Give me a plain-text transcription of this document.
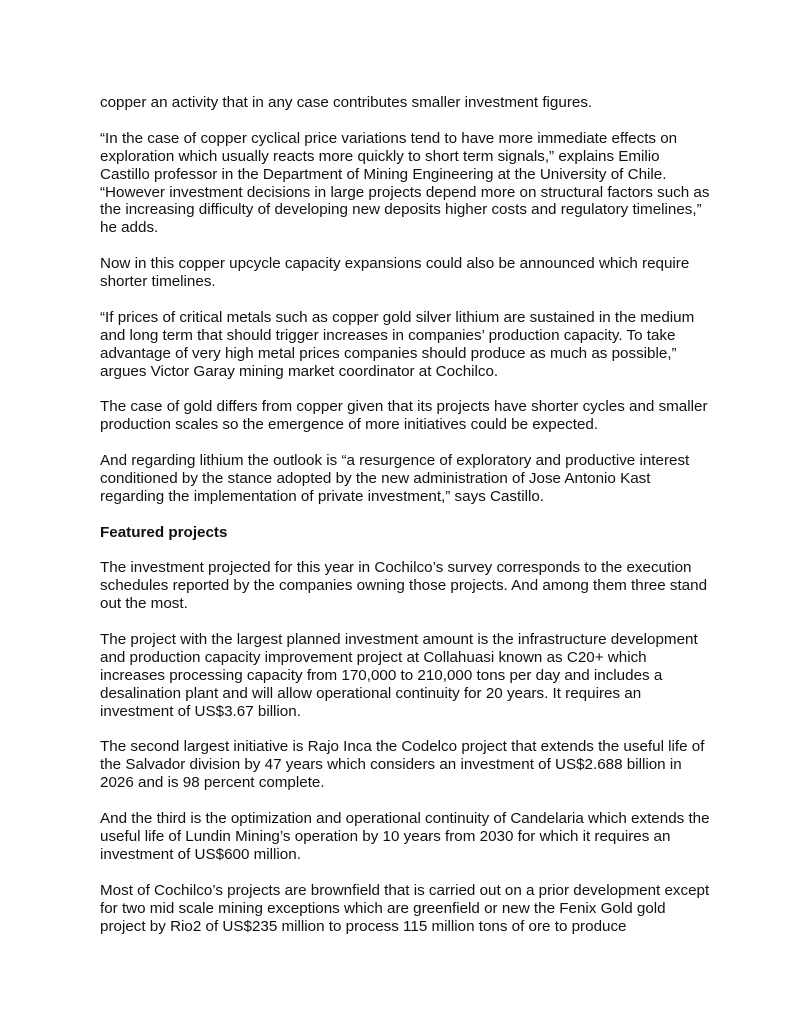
copper an activity that in any case contributes smaller investment figures.

“In the case of copper cyclical price variations tend to have more immediate effects on exploration which usually reacts more quickly to short term signals,” explains Emilio Castillo professor in the Department of Mining Engineering at the University of Chile. “However investment decisions in large projects depend more on structural factors such as the increasing difficulty of developing new deposits higher costs and regulatory timelines,” he adds.

Now in this copper upcycle capacity expansions could also be announced which require shorter timelines.

“If prices of critical metals such as copper gold silver lithium are sustained in the medium and long term that should trigger increases in companies’ production capacity. To take advantage of very high metal prices companies should produce as much as possible,” argues Victor Garay mining market coordinator at Cochilco.

The case of gold differs from copper given that its projects have shorter cycles and smaller production scales so the emergence of more initiatives could be expected.

And regarding lithium the outlook is “a resurgence of exploratory and productive interest conditioned by the stance adopted by the new administration of Jose Antonio Kast regarding the implementation of private investment,” says Castillo.

Featured projects

The investment projected for this year in Cochilco’s survey corresponds to the execution schedules reported by the companies owning those projects. And among them three stand out the most.

The project with the largest planned investment amount is the infrastructure development and production capacity improvement project at Collahuasi known as C20+ which increases processing capacity from 170,000 to 210,000 tons per day and includes a desalination plant and will allow operational continuity for 20 years. It requires an investment of US$3.67 billion.

The second largest initiative is Rajo Inca the Codelco project that extends the useful life of the Salvador division by 47 years which considers an investment of US$2.688 billion in 2026 and is 98 percent complete.

And the third is the optimization and operational continuity of Candelaria which extends the useful life of Lundin Mining’s operation by 10 years from 2030 for which it requires an investment of US$600 million.

Most of Cochilco’s projects are brownfield that is carried out on a prior development except for two mid scale mining exceptions which are greenfield or new the Fenix Gold gold project by Rio2 of US$235 million to process 115 million tons of ore to produce
